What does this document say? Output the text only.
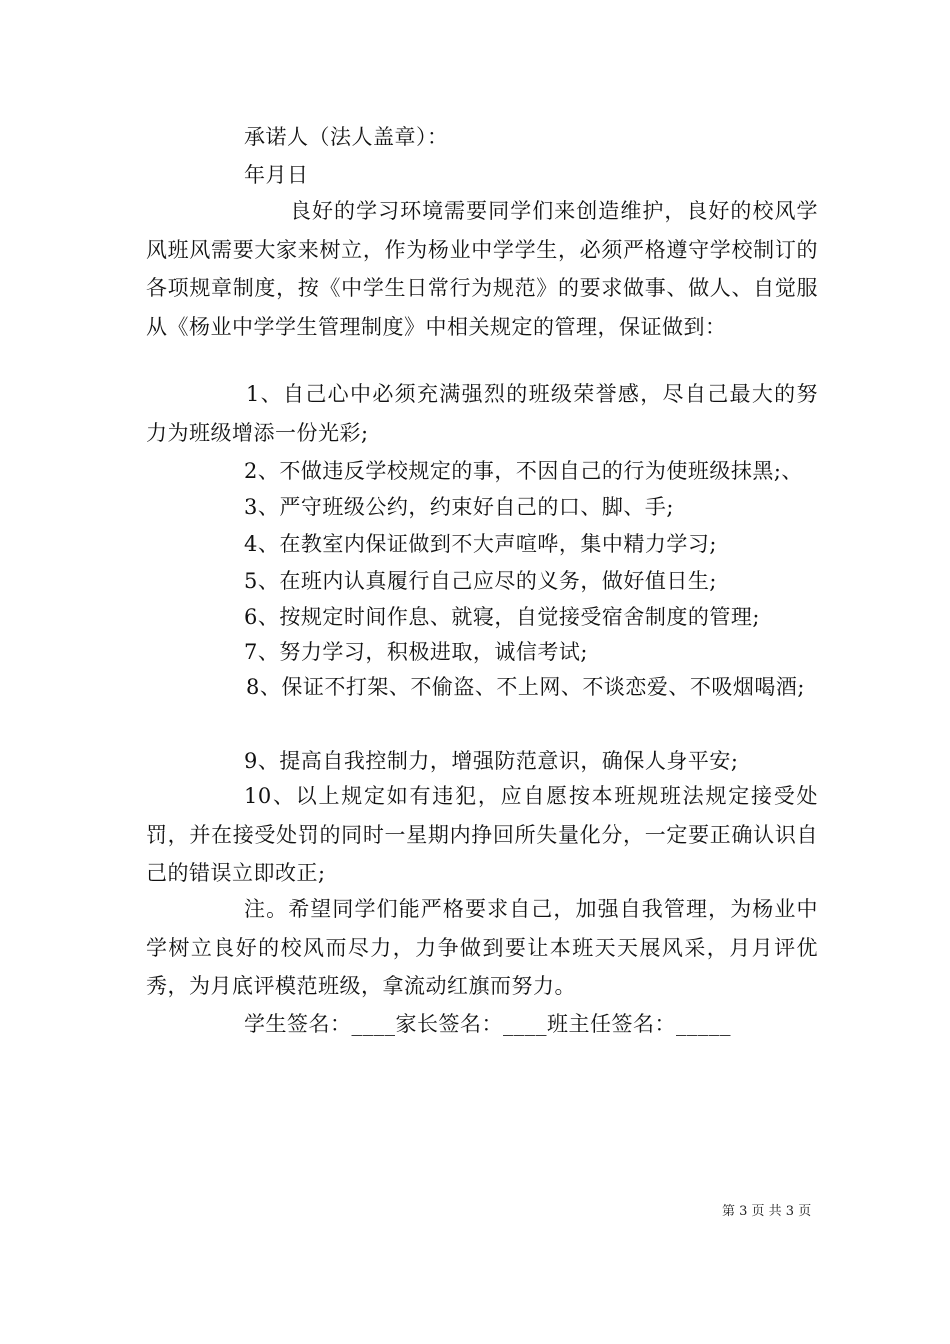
承诺人（法人盖章）：
年月日
良好的学习环境需要同学们来创造维护，良好的校风学风班风需要大家来树立，作为杨业中学学生，必须严格遵守学校制订的各项规章制度，按《中学生日常行为规范》的要求做事、做人、自觉服从《杨业中学学生管理制度》中相关规定的管理，保证做到：
1、自己心中必须充满强烈的班级荣誉感，尽自己最大的努力为班级增添一份光彩;
2、不做违反学校规定的事，不因自己的行为使班级抹黑;、
3、严守班级公约，约束好自己的口、脚、手;
4、在教室内保证做到不大声喧哗，集中精力学习;
5、在班内认真履行自己应尽的义务，做好值日生;
6、按规定时间作息、就寝，自觉接受宿舍制度的管理;
7、努力学习，积极进取，诚信考试;
8、保证不打架、不偷盗、不上网、不谈恋爱、不吸烟喝酒;
9、提高自我控制力，增强防范意识，确保人身平安;
10、以上规定如有违犯，应自愿按本班规班法规定接受处罚，并在接受处罚的同时一星期内挣回所失量化分，一定要正确认识自己的错误立即改正;
注。希望同学们能严格要求自己，加强自我管理，为杨业中学树立良好的校风而尽力，力争做到要让本班天天展风采，月月评优秀，为月底评模范班级，拿流动红旗而努力。
学生签名：____家长签名：____班主任签名：_____
第 3 页 共 3 页
